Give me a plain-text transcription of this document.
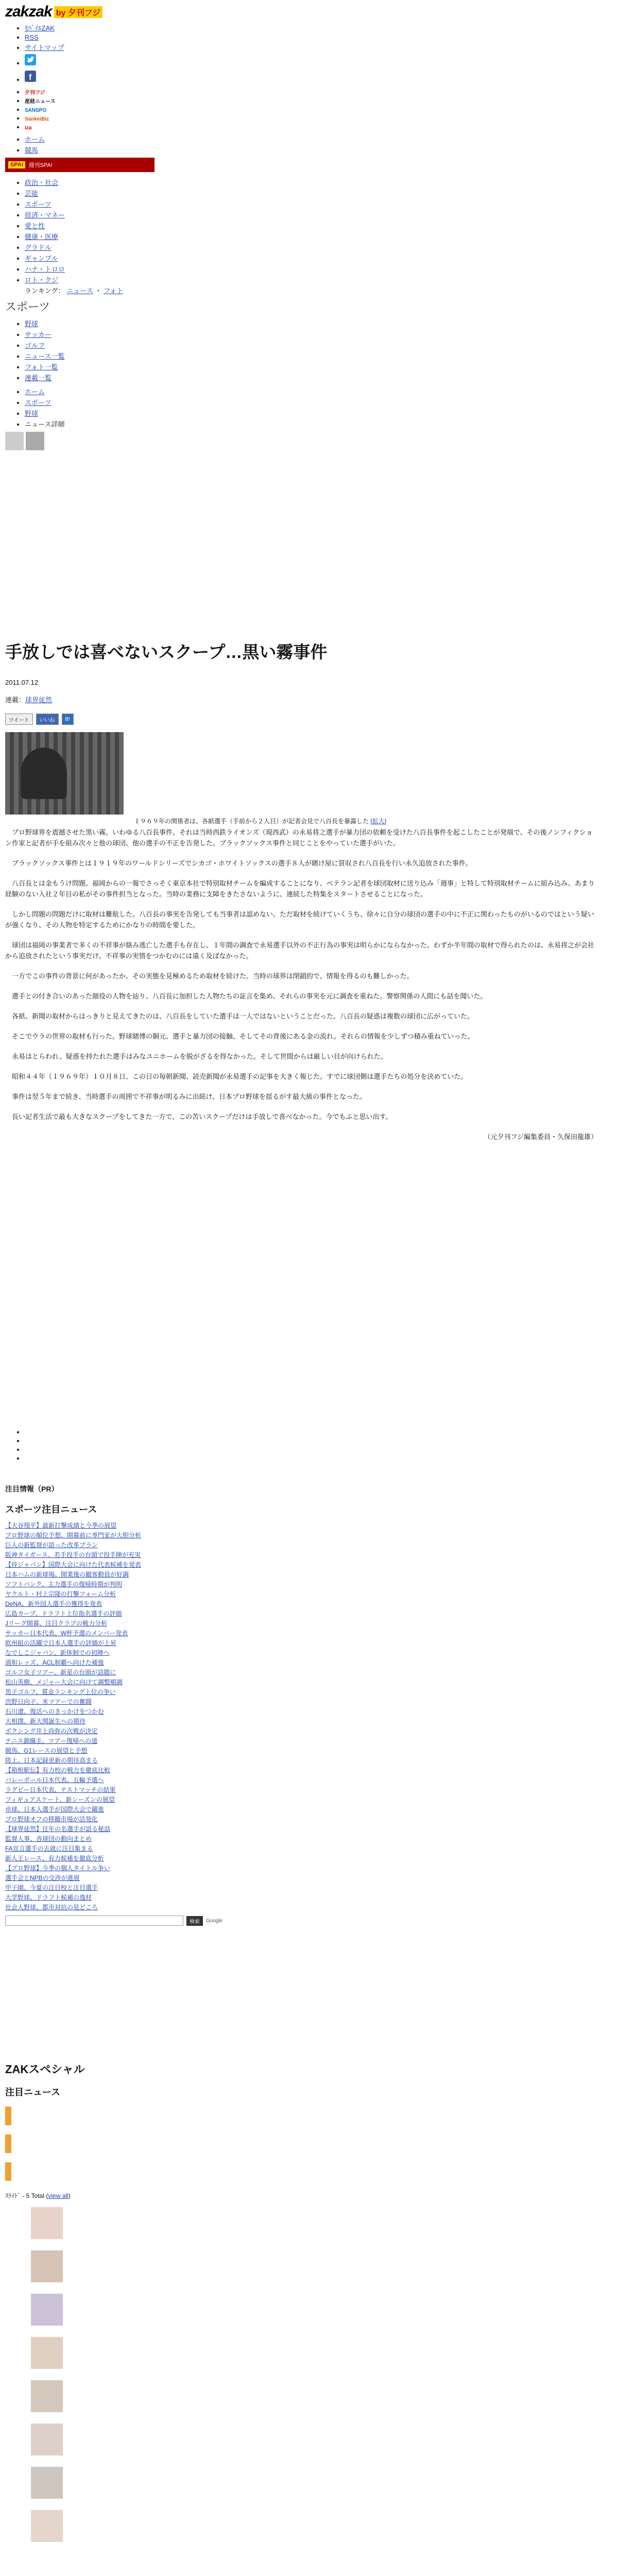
zakzak by 夕刊フジ
• ﾓﾊﾞｲﾙZAK
• RSS
• サイトマップ
•
• f
• 夕刊フジ
• 産経ニュース
• SANSPO
• SankeiBiz
• iza
• ホーム
• 競馬
SPA! 週刊SPA!
• 政治・社会
• 芸能
• スポーツ
• 経済・マネー
• 愛と性
• 健康・医療
• グラドル
• ギャンブル
• ハナ・トロロ
• ロト・クジ
ランキング： ニュース ・ フォト
スポーツ
• 野球
• サッカー
• ゴルフ
• ニュース一覧
• フォト一覧
• 連載一覧
• ホーム
• スポーツ
• 野球
• ニュース詳細
手放しでは喜べないスクープ…黒い霧事件
2011.07.12
連載：球界徒然
ツイート	いいね	B!
１９６９年の関係者は、各紙選手（手前から２人目）が記者会見で八百長を暴露した [拡大]

　プロ野球界を震撼させた黒い霧。いわゆる八百長事件。それは当時西鉄ライオンズ（現西武）の永易将之選手が暴力団の依頼を受けた八百長事件を起こしたことが発端で、その後ノンフィクション作家と記者が手を組み次々と他の球団、他の選手の不正を告発した。ブラックソックス事件と同じことをやっていた選手がいた。

　ブラックソックス事件とは１９１９年のワールドシリーズでシカゴ・ホワイトソックスの選手８人が賭け屋に買収され八百長を行い永久追放された事件。

　八百長とは金もうけ問題。福岡からの一報でさっそく東京本社で特別取材チームを編成することになり、ベテラン記者を球団取材に送り込み「週事」と特して特別取材チームに組み込み、あまり経験のない入社２年目の私がその事件担当となった。当時の業務に支障をきたさないように、連続した特集をスタートさせることになった。

　しかし問題の問題だけに取材は難航した。八百長の事実を告発しても当事者は認めない。ただ取材を続けていくうち、徐々に自分の球団の選手の中に不正に関わったものがいるのではという疑いが強くなり、その人物を特定するためにかなりの時間を要した。

　球団は福岡の事業者で多くの不祥事が絡み逃亡した選手も存在し、１年間の調査で永易選手以外の不正行為の事実は明らかにならなかった。わずか半年間の取材で得られたのは、永易将之が会社から追放されたという事実だけ。不祥事の実情をつかむのには遠く及ばなかった。

　一方でこの事件の背景に何があったか。その実態を見極めるため取材を続けた。当時の球界は閉鎖的で、情報を得るのも難しかった。

　選手との付き合いのあった顔役の人物を辿り、八百長に加担した人物たちの証言を集め、それらの事実を元に調査を重ねた。警察関係の人間にも話を聞いた。

　各紙、新聞の取材からはっきりと見えてきたのは、八百長をしていた選手は一人ではないということだった。八百長の疑惑は複数の球団に広がっていた。

　そこでウラの世界の取材も行った。野球賭博の胴元、選手と暴力団の接触、そしてその背後にある金の流れ。それらの情報を少しずつ積み重ねていった。

　永易はとらわれ、疑惑を持たれた選手はみなユニホームを脱がざるを得なかった。そして世間からは厳しい目が向けられた。

　昭和４４年（１９６９年）１０月８日、この日の毎朝新聞、読売新聞が永易選手の記事を大きく報じた。すでに球団側は選手たちの処分を決めていた。

　事件は翌５年まで続き、当時選手の周囲で不祥事が明るみに出続け、日本プロ野球を揺るがす最大級の事件となった。

　長い記者生活で最も大きなスクープをしてきた一方で、この苦いスクープだけは手放しで喜べなかった。今でもふと思い出す。

（元夕刊フジ編集委員・久保田龍雄）

•
•
•
•
注目情報（PR）
スポーツ注目ニュース
【大谷翔平】最新打撃成績と今季の展望
プロ野球の順位予想、開幕前に専門家が大胆分析
巨人の新監督が語った改革プラン
阪神タイガース、若手投手の台頭で投手陣が充実
【侍ジャパン】国際大会に向けた代表候補を発表
日本ハムの新球場、開業後の観客動員が好調
ソフトバンク、主力選手の復帰時期が判明
ヤクルト・村上宗隆の打撃フォーム分析
DeNA、新外国人選手の獲得を発表
広島カープ、ドラフト上位指名選手の評価
Jリーグ開幕、注目クラブの戦力分析
サッカー日本代表、W杯予選のメンバー発表
欧州組の活躍で日本人選手の評価が上昇
なでしこジャパン、新体制での初陣へ
浦和レッズ、ACL制覇へ向けた補強
ゴルフ女子ツアー、新星の台頭が話題に
松山英樹、メジャー大会に向けて調整順調
男子ゴルフ、賞金ランキング上位の争い
渋野日向子、米ツアーでの奮闘
石川遼、復活へのきっかけをつかむ
大相撲、新大関誕生への期待
ボクシング井上尚弥の次戦が決定
テニス錦織圭、ツアー復帰への道
競馬、G1レースの展望と予想
陸上、日本記録更新の期待高まる
【箱根駅伝】有力校の戦力を徹底比較
バレーボール日本代表、五輪予選へ
ラグビー日本代表、テストマッチの結果
フィギュアスケート、新シーズンの展望
卓球、日本人選手が国際大会で躍進
プロ野球オフの移籍市場が活発化
【球界徒然】往年の名選手が語る秘話
監督人事、各球団の動向まとめ
FA宣言選手の去就に注目集まる
新人王レース、有力候補を徹底分析
【プロ野球】今季の個人タイトル争い
選手会とNPBの交渉が進展
甲子園、今夏の注目校と注目選手
大学野球、ドラフト候補の逸材
社会人野球、都市対抗の見どころ
検索	Google
ZAKスペシャル
注目ニュース
ｽﾗｲﾄﾞ - 5 Total (view all)
